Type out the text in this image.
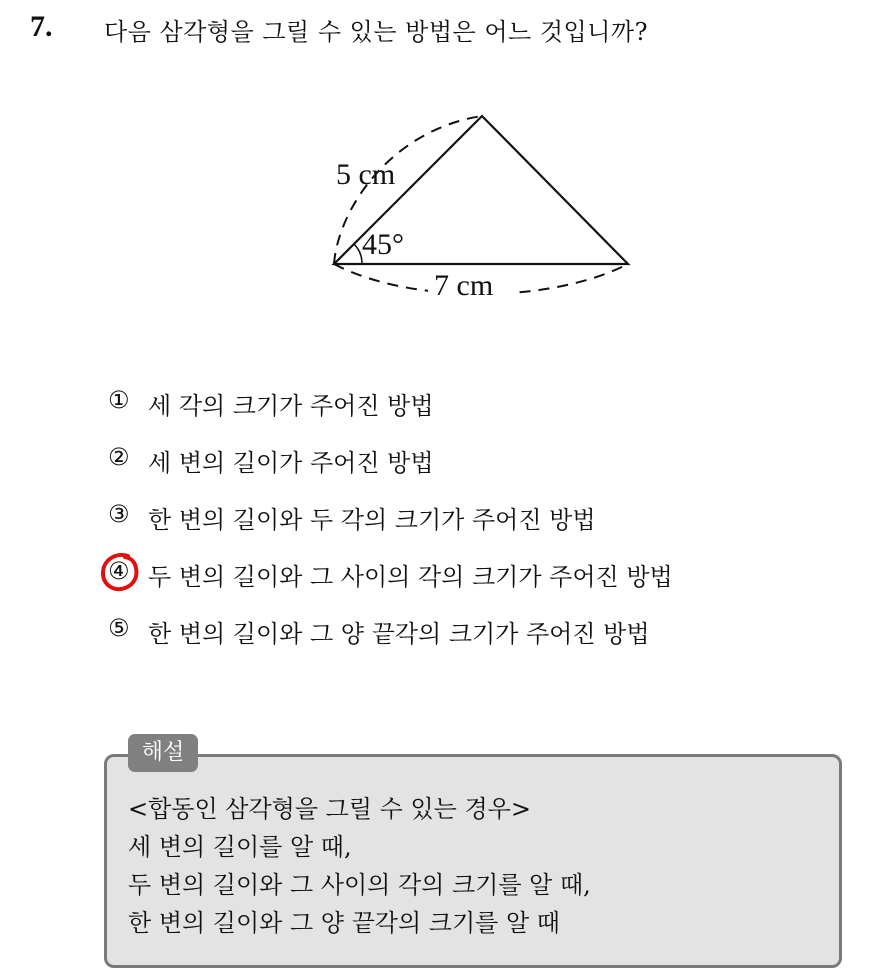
7. 다음 삼각형을 그릴 수 있는 방법은 어느 것입니까?
5 cm
45°
7 cm
① 세 각의 크기가 주어진 방법
② 세 변의 길이가 주어진 방법
③ 한 변의 길이와 두 각의 크기가 주어진 방법
④ 두 변의 길이와 그 사이의 각의 크기가 주어진 방법
⑤ 한 변의 길이와 그 양 끝각의 크기가 주어진 방법
해설
<합동인 삼각형을 그릴 수 있는 경우>
세 변의 길이를 알 때,
두 변의 길이와 그 사이의 각의 크기를 알 때,
한 변의 길이와 그 양 끝각의 크기를 알 때
